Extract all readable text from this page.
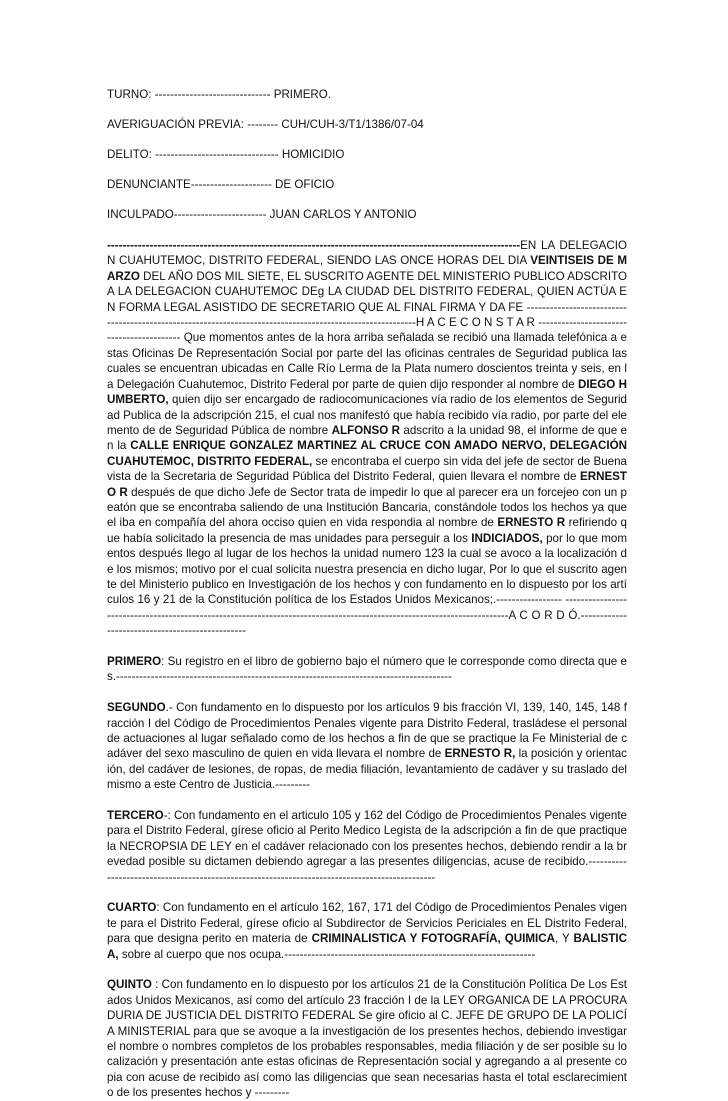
TURNO: ------------------------------ PRIMERO.
AVERIGUACIÓN PREVIA: -------- CUH/CUH-3/T1/1386/07-04
DELITO: -------------------------------- HOMICIDIO
DENUNCIANTE--------------------- DE OFICIO
INCULPADO------------------------ JUAN CARLOS Y ANTONIO

-----------------------------------------------------------------------------------------------------------EN LA DELEGACION CUAHUTEMOC, DISTRITO FEDERAL, SIENDO LAS ONCE HORAS DEL DIA VEINTISEIS DE MARZO DEL AÑO DOS MIL SIETE, EL SUSCRITO AGENTE DEL MINISTERIO PUBLICO ADSCRITO A LA DELEGACION CUAHUTEMOC DEg LA CIUDAD DEL DISTRITO FEDERAL, QUIEN ACTÚA EN FORMA LEGAL ASISTIDO DE SECRETARIO QUE AL FINAL FIRMA Y DA FE ----------------------------------------------------------------------------------------------------------H A C E C O N S T A R ------------------------------------------ Que momentos antes de la hora arriba señalada se recibió una llamada telefónica a estas Oficinas De Representación Social por parte del las oficinas centrales de Seguridad publica las cuales se encuentran ubicadas en Calle Río Lerma de la Plata numero doscientos treinta y seis, en la Delegación Cuahutemoc, Distrito Federal por parte de quien dijo responder al nombre de DIEGO HUMBERTO, quien dijo ser encargado de radiocomunicaciones vía radio de los elementos de Seguridad Publica de la adscripción 215, el cual nos manifestó que había recibido vía radio, por parte del elemento de de Seguridad Pública de nombre ALFONSO R adscrito a la unidad 98, el informe de que en la CALLE ENRIQUE GONZALEZ MARTINEZ AL CRUCE CON AMADO NERVO, DELEGACIÓN CUAHUTEMOC, DISTRITO FEDERAL, se encontraba el cuerpo sin vida del jefe de sector de Buenavista de la Secretaria de Seguridad Pública del Distrito Federal, quien llevara el nombre de ERNESTO R después de que dicho Jefe de Sector trata de impedir lo que al parecer era un forcejeo con un peatón que se encontraba saliendo de una Institución Bancaria, constándole todos los hechos ya que el iba en compañía del ahora occiso quien en vida respondia al nombre de ERNESTO R refiriendo que había solicitado la presencia de mas unidades para perseguir a los INDICIADOS, por lo que momentos después llego al lugar de los hechos la unidad numero 123 la cual se avoco a la localización de los mismos; motivo por el cual solicita nuestra presencia en dicho lugar, Por lo que el suscrito agente del Ministerio publico en Investigación de los hechos y con fundamento en lo dispuesto por los artículos 16 y 21 de la Constitución política de los Estados Unidos Mexicanos;.----------------- ------------------------------------------------------------------------------------------------------------------------A C O R D Ó.------------------------------------------------

PRIMERO: Su registro en el libro de gobierno bajo el número que le corresponde como directa que es.---------------------------------------------------------------------------------------

SEGUNDO.- Con fundamento en lo dispuesto por los artículos 9 bis fracción VI, 139, 140, 145, 148 fracción I del Código de Procedimientos Penales vigente para Distrito Federal, trasládese el personal de actuaciones al lugar señalado como de los hechos a fin de que se practique la Fe Ministerial de cadáver del sexo masculino de quien en vida llevara el nombre de ERNESTO R, la posición y orientación, del cadáver de lesiones, de ropas, de media filiación, levantamiento de cadáver y su traslado del mismo a este Centro de Justicia.---------

TERCERO-: Con fundamento en el articulo 105 y 162 del Código de Procedimientos Penales vigente para el Distrito Federal, gírese oficio al Perito Medico Legista de la adscripción a fin de que practique la NECROPSIA DE LEY en el cadáver relacionado con los presentes hechos, debiendo rendir a la brevedad posible su dictamen debiendo agregar a las presentes diligencias, acuse de recibido.-----------------------------------------------------------------------------------------------

CUARTO: Con fundamento en el artículo 162, 167, 171 del Código de Procedimientos Penales vigente para el Distrito Federal, gírese oficio al Subdirector de Servicios Periciales en EL Distrito Federal, para que designa perito en materia de CRIMINALISTICA Y FOTOGRAFÍA, QUIMICA, Y BALISTICA, sobre al cuerpo que nos ocupa.-----------------------------------------------------------------

QUINTO : Con fundamento en lo dispuesto por los artículos 21 de la Constitución Política De Los Estados Unidos Mexicanos, así como del artículo 23 fracción I de la LEY ORGANICA DE LA PROCURADURIA DE JUSTICIA DEL DISTRITO FEDERAL Se gire oficio al C. JEFE DE GRUPO DE LA POLICÍA MINISTERIAL para que se avoque a la investigación de los presentes hechos, debiendo investigar el nombre o nombres completos de los probables responsables, media filiación y de ser posible su localización y presentación ante estas oficinas de Representación social y agregando a al presente copia con acuse de recibido así como las diligencias que sean necesarias hasta el total esclarecimiento de los presentes hechos y ---------
